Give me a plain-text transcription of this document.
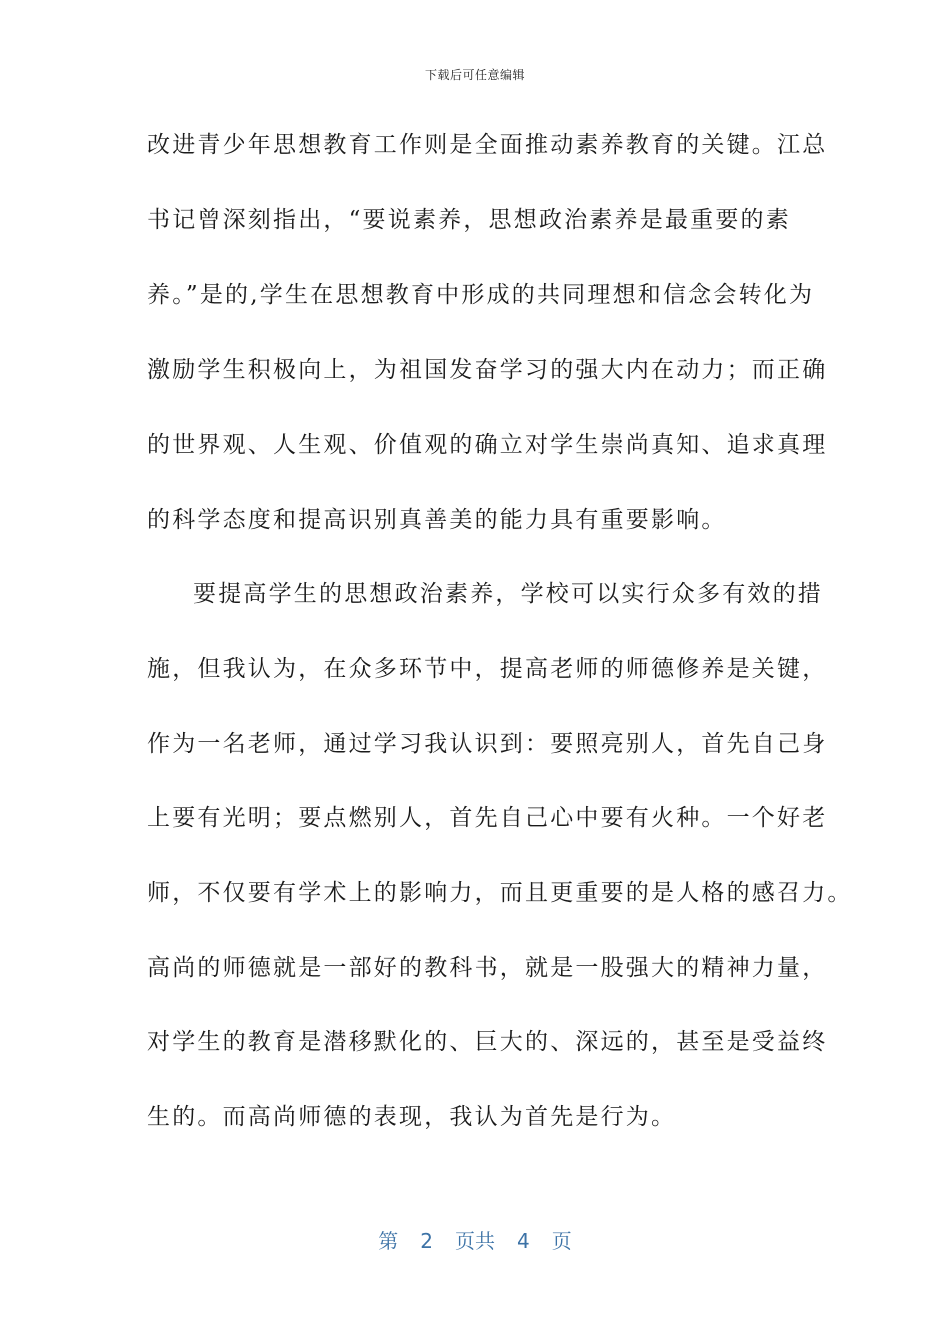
下载后可任意编辑
改进青少年思想教育工作则是全面推动素养教育的关键。江总
书记曾深刻指出，“要说素养，思想政治素养是最重要的素
养。”是的,学生在思想教育中形成的共同理想和信念会转化为
激励学生积极向上，为祖国发奋学习的强大内在动力；而正确
的世界观、人生观、价值观的确立对学生崇尚真知、追求真理
的科学态度和提高识别真善美的能力具有重要影响。
要提高学生的思想政治素养，学校可以实行众多有效的措
施，但我认为，在众多环节中，提高老师的师德修养是关键，
作为一名老师，通过学习我认识到：要照亮别人，首先自己身
上要有光明；要点燃别人，首先自己心中要有火种。一个好老
师，不仅要有学术上的影响力，而且更重要的是人格的感召力。
高尚的师德就是一部好的教科书，就是一股强大的精神力量，
对学生的教育是潜移默化的、巨大的、深远的，甚至是受益终
生的。而高尚师德的表现，我认为首先是行为。
第 2 页共 4 页
